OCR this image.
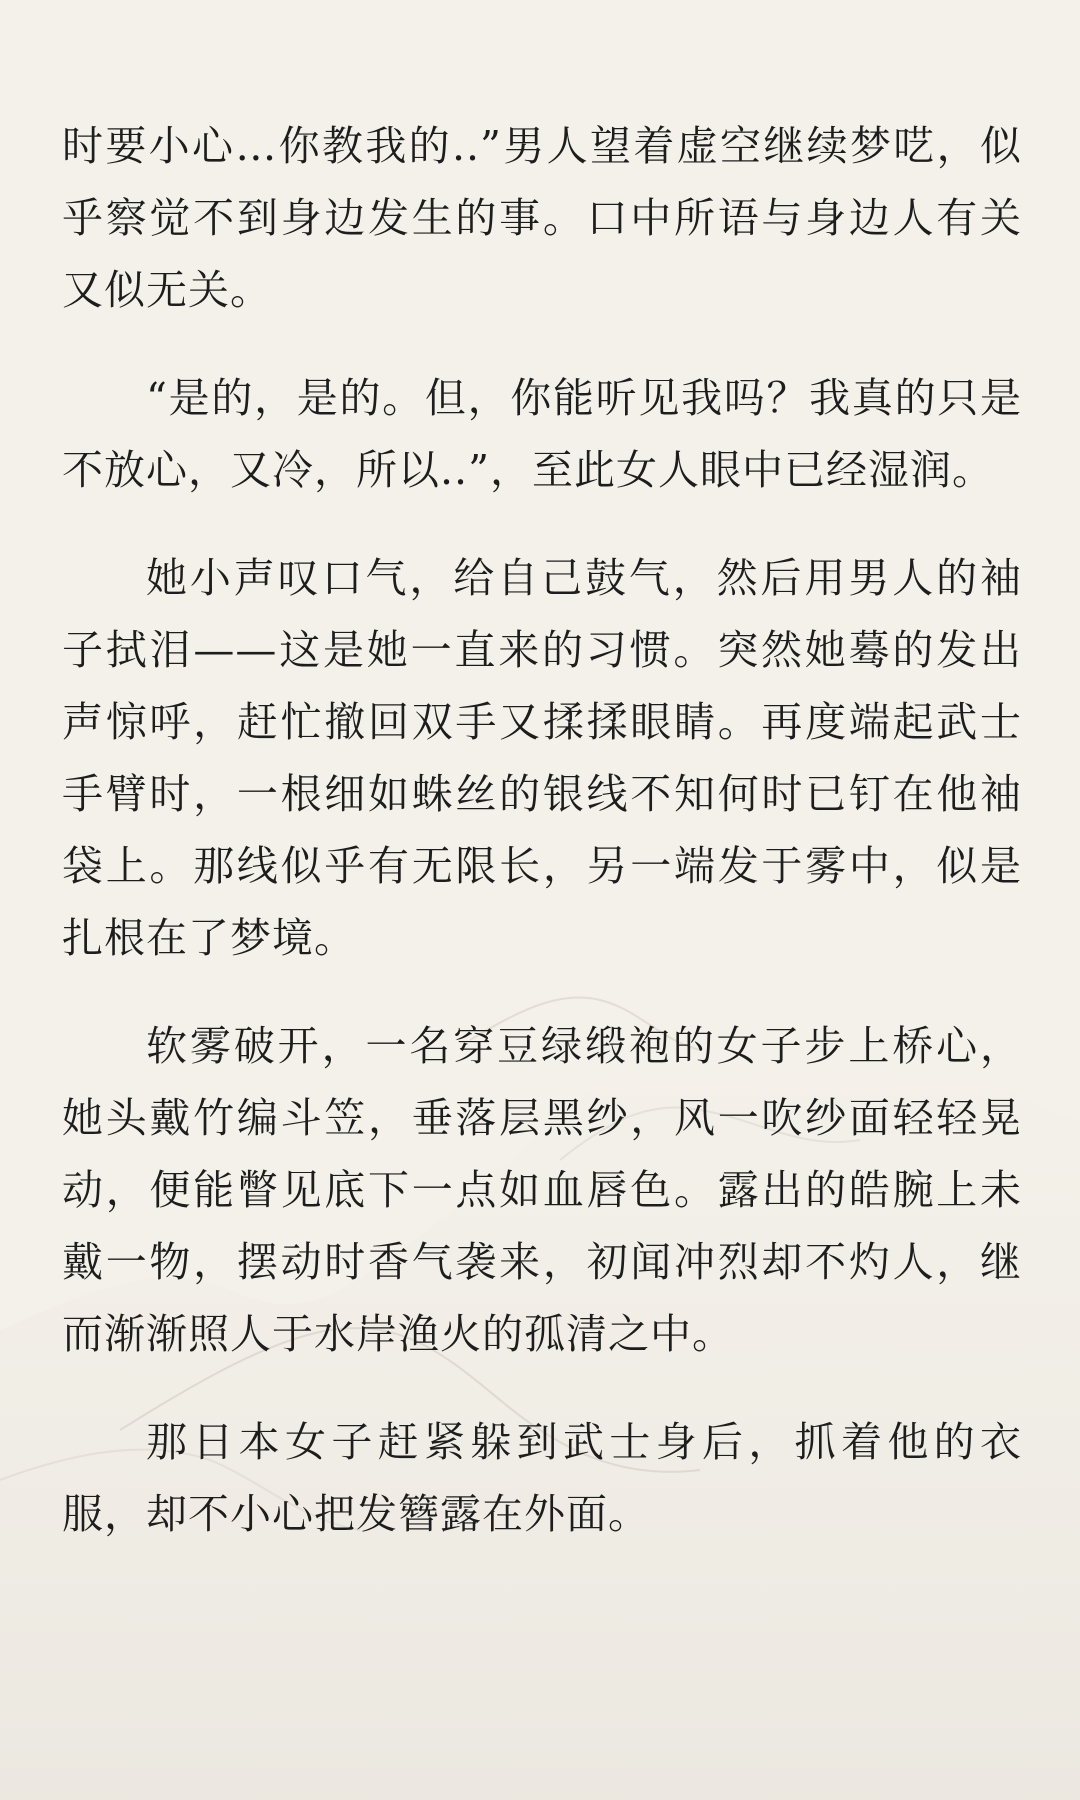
时要小心…你教我的..”男人望着虚空继续梦呓，似乎察觉不到身边发生的事。口中所语与身边人有关又似无关。

“是的，是的。但，你能听见我吗？我真的只是不放心，又冷，所以..”，至此女人眼中已经湿润。

她小声叹口气，给自己鼓气，然后用男人的袖子拭泪——这是她一直来的习惯。突然她蓦的发出声惊呼，赶忙撤回双手又揉揉眼睛。再度端起武士手臂时，一根细如蛛丝的银线不知何时已钉在他袖袋上。那线似乎有无限长，另一端发于雾中，似是扎根在了梦境。

软雾破开，一名穿豆绿缎袍的女子步上桥心，她头戴竹编斗笠，垂落层黑纱，风一吹纱面轻轻晃动，便能瞥见底下一点如血唇色。露出的皓腕上未戴一物，摆动时香气袭来，初闻冲烈却不灼人，继而渐渐照人于水岸渔火的孤清之中。

那日本女子赶紧躲到武士身后，抓着他的衣服，却不小心把发簪露在外面。
